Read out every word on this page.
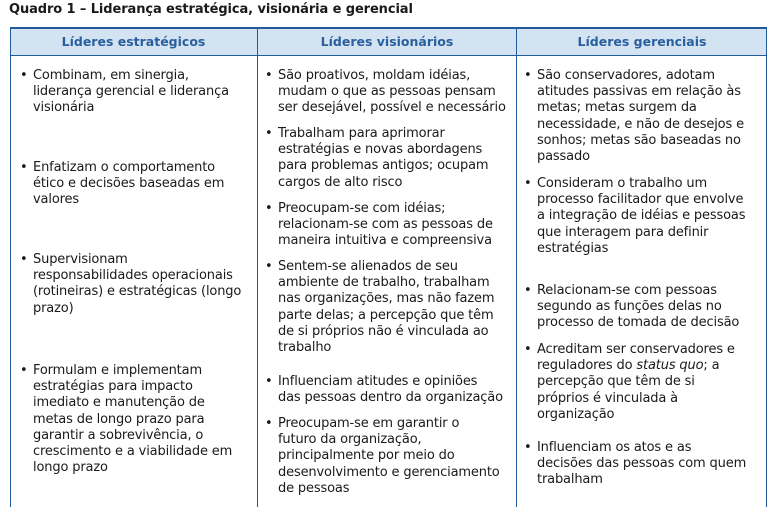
Quadro 1 – Liderança estratégica, visionária e gerencial
Líderes estratégicos	Líderes visionários	Líderes gerenciais
• Combinam, em sinergia,
liderança gerencial e liderança
visionária
• Enfatizam o comportamento
ético e decisões baseadas em
valores
• Supervisionam
responsabilidades operacionais
(rotineiras) e estratégicas (longo
prazo)
• Formulam e implementam
estratégias para impacto
imediato e manutenção de
metas de longo prazo para
garantir a sobrevivência, o
crescimento e a viabilidade em
longo prazo
• São proativos, moldam idéias,
mudam o que as pessoas pensam
ser desejável, possível e necessário
• Trabalham para aprimorar
estratégias e novas abordagens
para problemas antigos; ocupam
cargos de alto risco
• Preocupam-se com idéias;
relacionam-se com as pessoas de
maneira intuitiva e compreensiva
• Sentem-se alienados de seu
ambiente de trabalho, trabalham
nas organizações, mas não fazem
parte delas; a percepção que têm
de si próprios não é vinculada ao
trabalho
• Influenciam atitudes e opiniões
das pessoas dentro da organização
• Preocupam-se em garantir o
futuro da organização,
principalmente por meio do
desenvolvimento e gerenciamento
de pessoas
• São conservadores, adotam
atitudes passivas em relação às
metas; metas surgem da
necessidade, e não de desejos e
sonhos; metas são baseadas no
passado
• Consideram o trabalho um
processo facilitador que envolve
a integração de idéias e pessoas
que interagem para definir
estratégias
• Relacionam-se com pessoas
segundo as funções delas no
processo de tomada de decisão
• Acreditam ser conservadores e
reguladores do status quo; a
percepção que têm de si
próprios é vinculada à
organização
• Influenciam os atos e as
decisões das pessoas com quem
trabalham
